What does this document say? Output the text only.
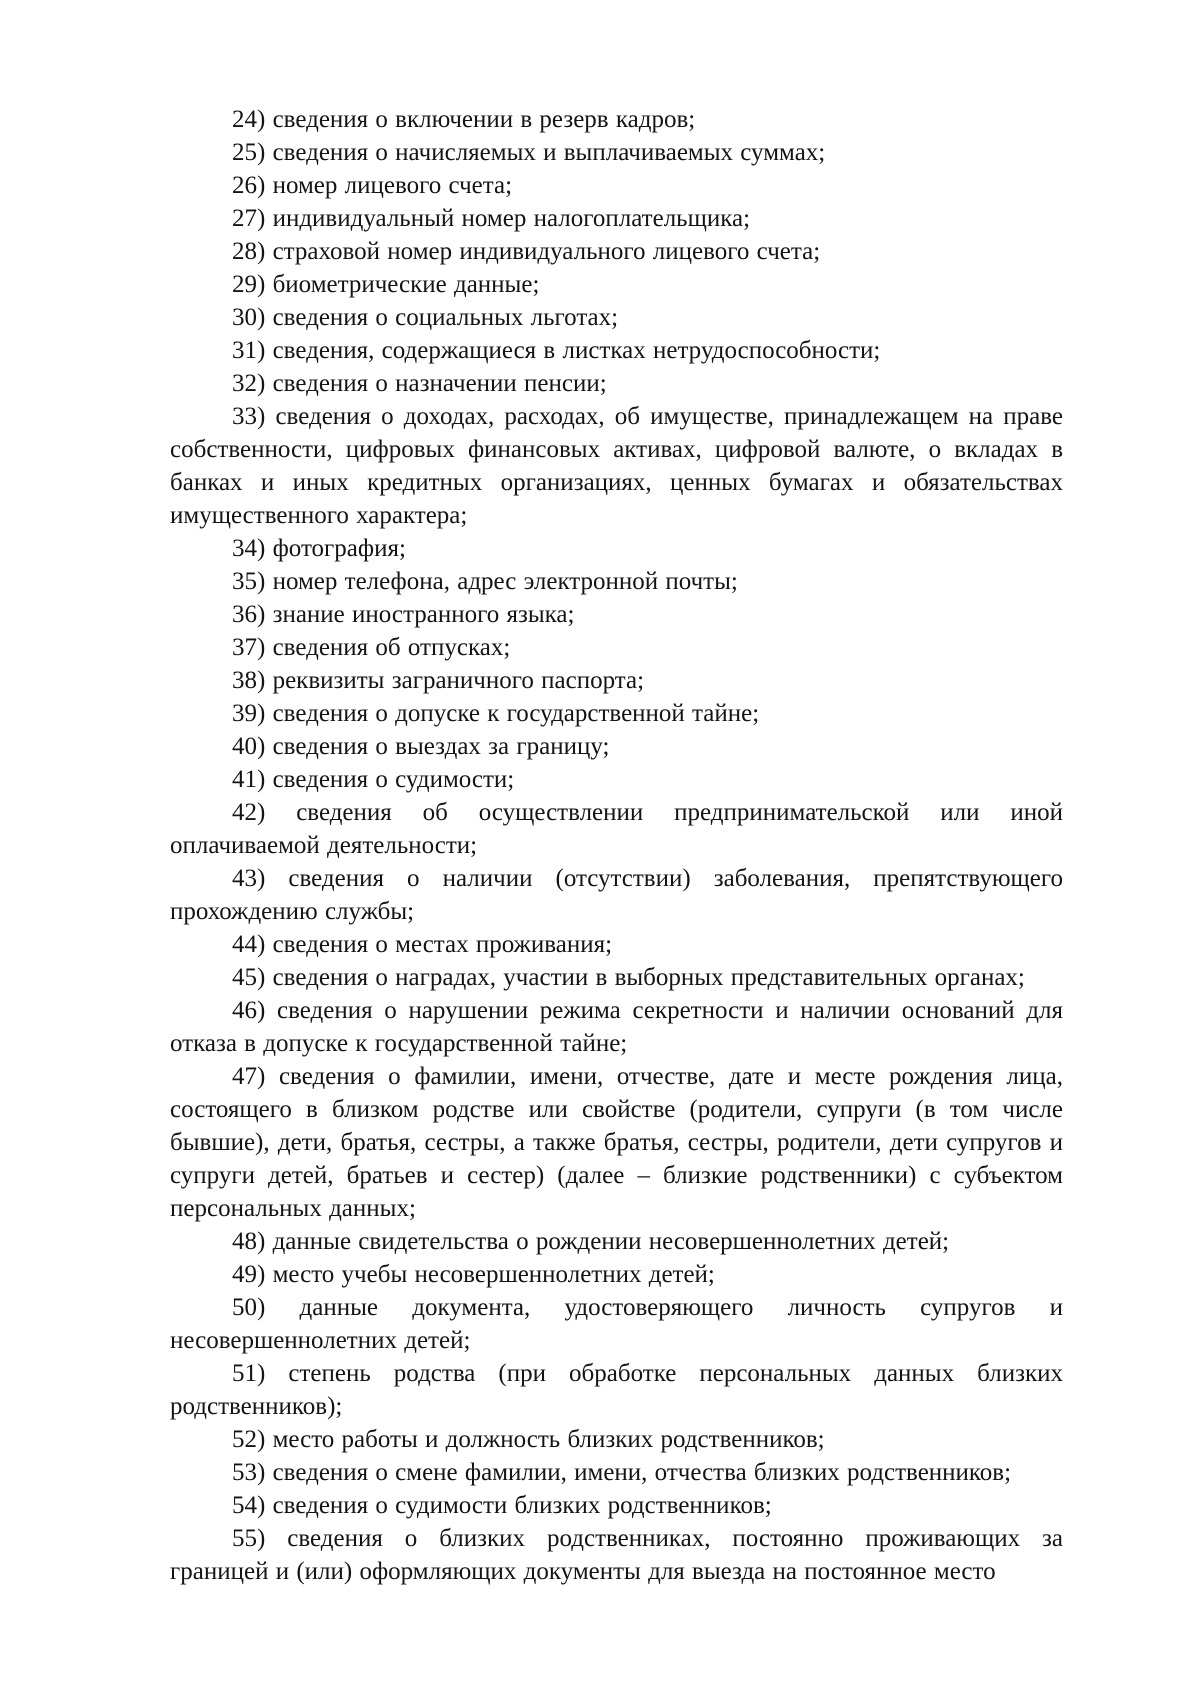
24) сведения о включении в резерв кадров;

25) сведения о начисляемых и выплачиваемых суммах;

26) номер лицевого счета;

27) индивидуальный номер налогоплательщика;

28) страховой номер индивидуального лицевого счета;

29) биометрические данные;

30) сведения о социальных льготах;

31) сведения, содержащиеся в листках нетрудоспособности;

32) сведения о назначении пенсии;

33) сведения о доходах, расходах, об имуществе, принадлежащем на праве собственности, цифровых финансовых активах, цифровой валюте, о вкладах в банках и иных кредитных организациях, ценных бумагах и обязательствах имущественного характера;

34) фотография;

35) номер телефона, адрес электронной почты;

36) знание иностранного языка;

37) сведения об отпусках;

38) реквизиты заграничного паспорта;

39) сведения о допуске к государственной тайне;

40) сведения о выездах за границу;

41) сведения о судимости;

42) сведения об осуществлении предпринимательской или иной оплачиваемой деятельности;

43) сведения о наличии (отсутствии) заболевания, препятствующего прохождению службы;

44) сведения о местах проживания;

45) сведения о наградах, участии в выборных представительных органах;

46) сведения о нарушении режима секретности и наличии оснований для отказа в допуске к государственной тайне;

47) сведения о фамилии, имени, отчестве, дате и месте рождения лица, состоящего в близком родстве или свойстве (родители, супруги (в том числе бывшие), дети, братья, сестры, а также братья, сестры, родители, дети супругов и супруги детей, братьев и сестер) (далее – близкие родственники) с субъектом персональных данных;

48) данные свидетельства о рождении несовершеннолетних детей;

49) место учебы несовершеннолетних детей;

50) данные документа, удостоверяющего личность супругов и несовершеннолетних детей;

51) степень родства (при обработке персональных данных близких родственников);

52) место работы и должность близких родственников;

53) сведения о смене фамилии, имени, отчества близких родственников;

54) сведения о судимости близких родственников;

55) сведения о близких родственниках, постоянно проживающих за границей и (или) оформляющих документы для выезда на постоянное место
